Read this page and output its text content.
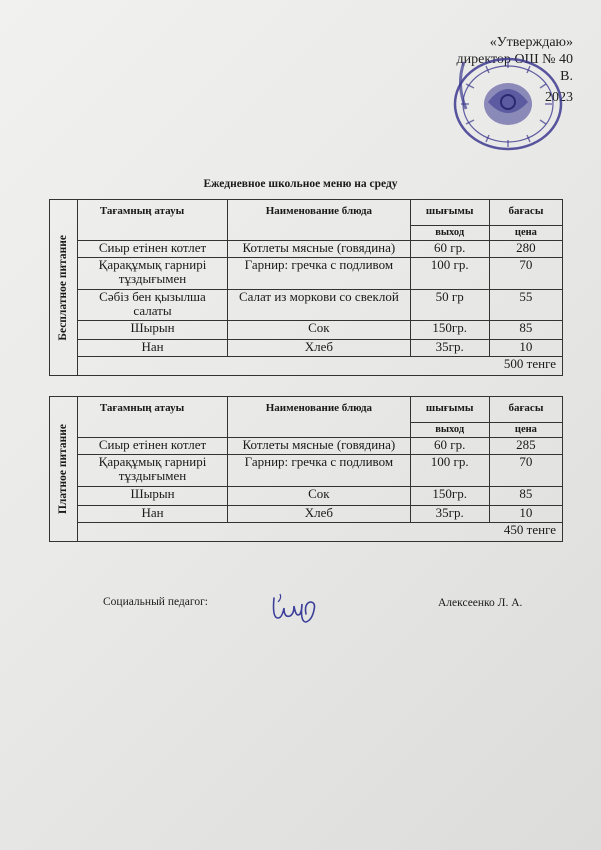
«Утверждаю»
директор ОШ № 40
В.
2023
Ежедневное школьное меню на среду
Бесплатное питание	Тағамның атауы	Наименование блюда	шығымы	бағасы
			выход	цена
	Сиыр етінен котлет	Котлеты мясные (говядина)	60 гр.	280
	Қарақұмық гарнирі тұздығымен	Гарнир: гречка с подливом	100 гр.	70
	Сәбіз бен қызылша салаты	Салат из моркови со свеклой	50 гр	55
	Шырын	Сок	150гр.	85
	Нан	Хлеб	35гр.	10
	500 тенге			
Платное питание	Тағамның атауы	Наименование блюда	шығымы	бағасы
			выход	цена
	Сиыр етінен котлет	Котлеты мясные (говядина)	60 гр.	285
	Қарақұмық гарнирі тұздығымен	Гарнир: гречка с подливом	100 гр.	70
	Шырын	Сок	150гр.	85
	Нан	Хлеб	35гр.	10
	450 тенге			
Социальный педагог:	Алексеенко Л. А.
